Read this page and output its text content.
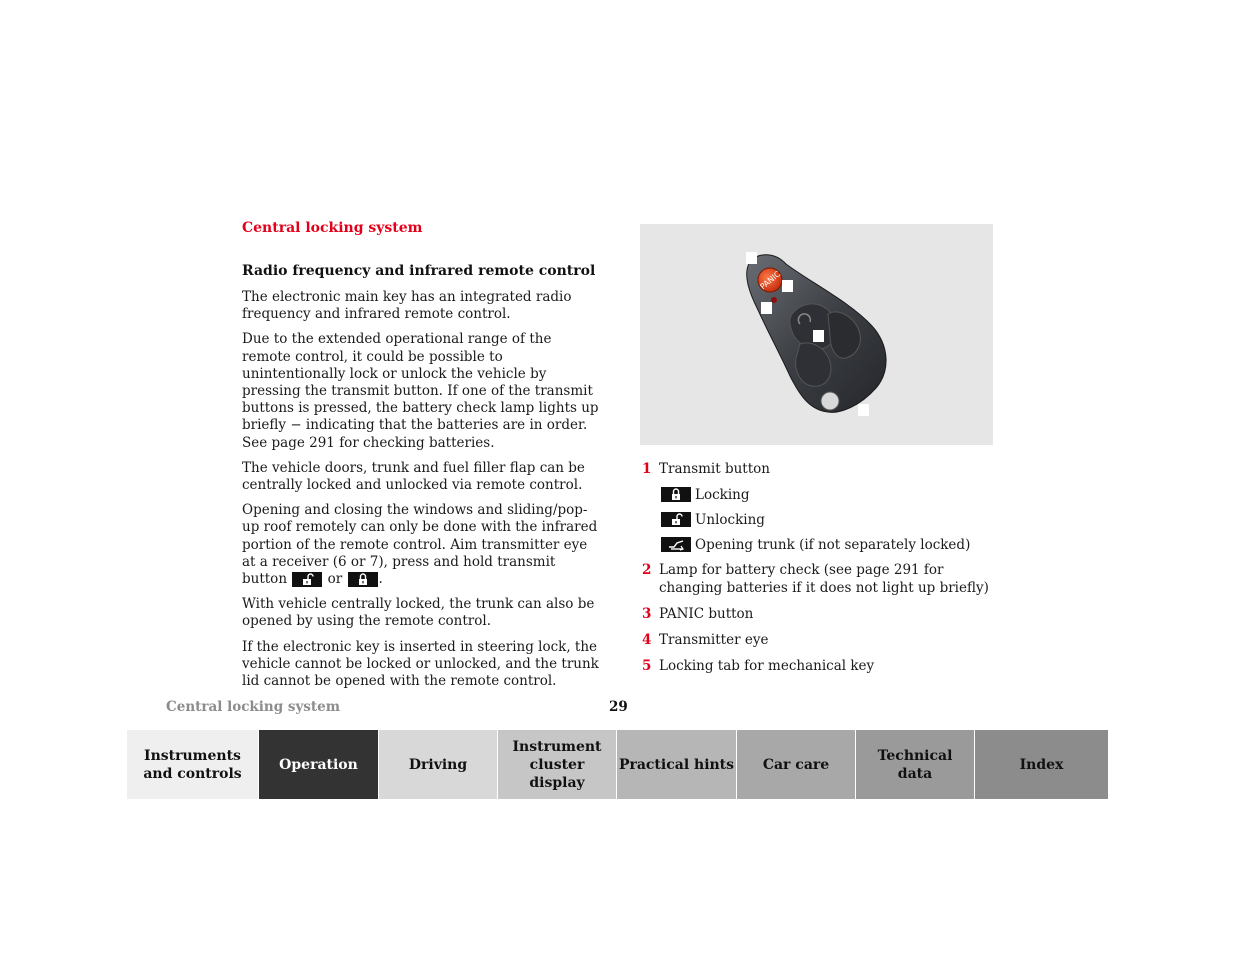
Central locking system
Radio frequency and infrared remote control

The electronic main key has an integrated radio frequency and infrared remote control.

Due to the extended operational range of the remote control, it could be possible to unintentionally lock or unlock the vehicle by pressing the transmit button. If one of the transmit buttons is pressed, the battery check lamp lights up briefly − indicating that the batteries are in order. See page 291 for checking batteries.

The vehicle doors, trunk and fuel filler flap can be centrally locked and unlocked via remote control.

Opening and closing the windows and sliding/pop-up roof remotely can only be done with the infrared portion of the remote control. Aim transmitter eye at a receiver (6 or 7), press and hold transmit button	or	.

With vehicle centrally locked, the trunk can also be opened by using the remote control.

If the electronic key is inserted in steering lock, the vehicle cannot be locked or unlocked, and the trunk lid cannot be opened with the remote control.

PANIC
1 Transmit button
Locking
Unlocking
Opening trunk (if not separately locked)
2 Lamp for battery check (see page 291 for changing batteries if it does not light up briefly)
3 PANIC button
4 Transmitter eye
5 Locking tab for mechanical key
Central locking system	29
Instruments and controls
Operation	Driving
Instrument cluster display
Practical hints Car care
Technical data
Index
